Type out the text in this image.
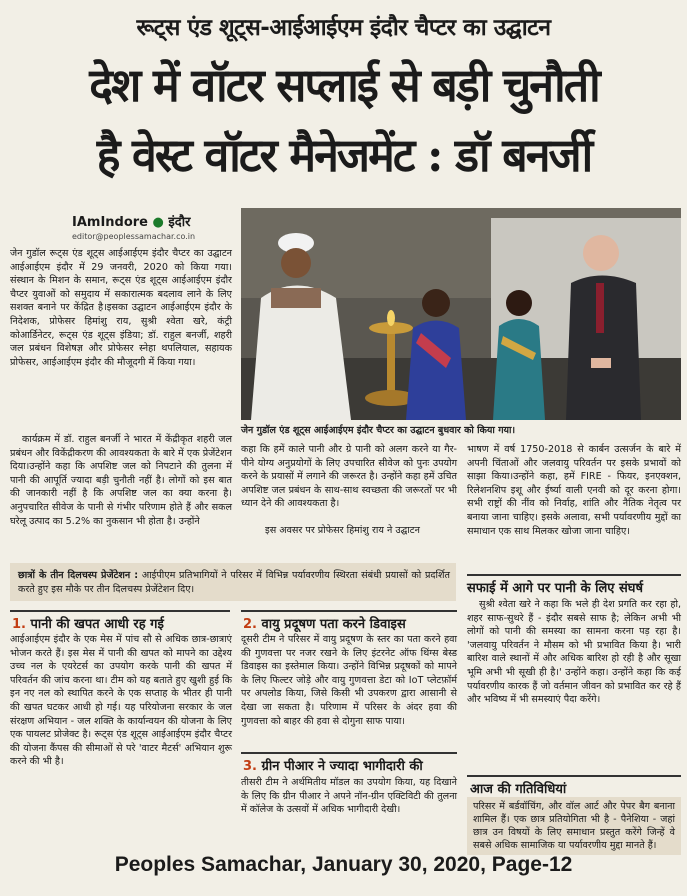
रूट्स एंड शूट्स-आईआईएम इंदौर चैप्टर का उद्घाटन
देश में वॉटर सप्लाई से बड़ी चुनौती
है वेस्ट वॉटर मैनेजमेंट : डॉ बनर्जी
IAmIndore ● इंदौर
editor@peoplessamachar.co.in
जेन गुडॉल रूट्स एंड शूट्स आईआईएम इंदौर चैप्टर का उद्घाटन आईआईएम इंदौर में 29 जनवरी, 2020 को किया गया। संस्थान के मिशन के समान, रूट्स एंड शूट्स आईआईएम इंदौर चैप्टर युवाओं को समुदाय में सकारात्मक बदलाव लाने के लिए सशक्त बनाने पर केंद्रित है।इसका उद्घाटन आईआईएम इंदौर के निदेशक, प्रोफेसर हिमांशु राय, सुश्री श्वेता खरे, कंट्री कोआर्डिनेटर, रूट्स एंड शूट्स इंडिया; डॉ. राहुल बनर्जी, शहरी जल प्रबंधन विशेषज्ञ और प्रोफेसर स्नेहा थपलियाल, सहायक प्रोफेसर, आईआईएम इंदौर की मौजूदगी में किया गया।
कार्यक्रम में डॉ. राहुल बनर्जी ने भारत में केंद्रीकृत शहरी जल प्रबंधन और विकेंद्रीकरण की आवश्यकता के बारे में एक प्रेजेंटेशन दिया।उन्होंने कहा कि अपशिष्ट जल को निपटाने की तुलना में पानी की आपूर्ति ज्यादा बड़ी चुनौती नहीं है। लोगों को इस बात की जानकारी नहीं है कि अपशिष्ट जल का क्या करना है। अनुपचारित सीवेज के पानी से गंभीर परिणाम होते हैं और सकल घरेलू उत्पाद का 5.2% का नुकसान भी होता है। उन्होंने
जेन गुडॉल एंड शूट्स आईआईएम इंदौर चैप्टर का उद्घाटन बुधवार को किया गया।
कहा कि हमें काले पानी और ग्रे पानी को अलग करने या गैर-पीने योग्य अनुप्रयोगों के लिए उपचारित सीवेज को पुनः उपयोग करने के प्रयासों में लगाने की जरूरत है। उन्होंने कहा हमें उचित अपशिष्ट जल प्रबंधन के साथ-साथ स्वच्छता की जरूरतों पर भी ध्यान देने की आवश्यकता है।
इस अवसर पर प्रोफेसर हिमांशु राय ने उद्घाटन
भाषण में वर्ष 1750-2018 से कार्बन उत्सर्जन के बारे में अपनी चिंताओं और जलवायु परिवर्तन पर इसके प्रभावों को साझा किया।उन्होंने कहा, हमें FIRE - फियर, इनएक्शन, रिलेशनशिप इशू और ईर्ष्या वाली एनवी को दूर करना होगा। सभी राष्ट्रों की नींव को निर्वाह, शांति और नैतिक नेतृत्व पर बनाया जाना चाहिए। इसके अलावा, सभी पर्यावरणीय मुद्दों का समाधान एक साथ मिलकर खोजा जाना चाहिए।
छात्रों के तीन दिलचस्प प्रेजेंटेशन : आईपीएम प्रतिभागियों ने परिसर में विभिन्न पर्यावरणीय स्थिरता संबंधी प्रयासों को प्रदर्शित करते हुए इस मौके पर तीन दिलचस्प प्रेजेंटेशन दिए।
1. पानी की खपत आधी रह गई
आईआईएम इंदौर के एक मेस में पांच सौ से अधिक छात्र-छात्राएं भोजन करते हैं। इस मेस में पानी की खपत को मापने का उद्देश्य उच्च नल के एयरेटर्स का उपयोग करके पानी की खपत में परिवर्तन की जांच करना था। टीम को यह बताते हुए खुशी हुई कि इन नए नल को स्थापित करने के एक सप्ताह के भीतर ही पानी की खपत घटकर आधी हो गई। यह परियोजना सरकार के जल संरक्षण अभियान - जल शक्ति के कार्यान्वयन की योजना के लिए एक पायलट प्रोजेक्ट है। रूट्स एंड शूट्स आईआईएम इंदौर चैप्टर की योजना कैंपस की सीमाओं से परे 'वाटर मैटर्स' अभियान शुरू करने की भी है।
2. वायु प्रदूषण पता करने डिवाइस
दूसरी टीम ने परिसर में वायु प्रदूषण के स्तर का पता करने हवा की गुणवत्ता पर नजर रखने के लिए इंटरनेट ऑफ थिंग्स बेस्ड डिवाइस का इस्तेमाल किया। उन्होंने विभिन्न प्रदूषकों को मापने के लिए फिल्टर जोड़े और वायु गुणवत्ता डेटा को IoT प्लेटफ़ॉर्म पर अपलोड किया, जिसे किसी भी उपकरण द्वारा आसानी से देखा जा सकता है। परिणाम में परिसर के अंदर हवा की गुणवत्ता को बाहर की हवा से दोगुना साफ पाया।
3. ग्रीन पीआर ने ज्यादा भागीदारी की
तीसरी टीम ने अर्थमितीय मॉडल का उपयोग किया, यह दिखाने के लिए कि ग्रीन पीआर ने अपने नॉन-ग्रीन एक्टिविटी की तुलना में कॉलेज के उत्सवों में अधिक भागीदारी देखी।
सफाई में आगे पर पानी के लिए संघर्ष
सुश्री श्वेता खरे ने कहा कि भले ही देश प्रगति कर रहा हो, शहर साफ-सुथरे हैं - इंदौर सबसे साफ है; लेकिन अभी भी लोगों को पानी की समस्या का सामना करना पड़ रहा है। 'जलवायु परिवर्तन ने मौसम को भी प्रभावित किया है। भारी बारिश वाले स्थानों में और अधिक बारिश हो रही है और सूखा भूमि अभी भी सूखी ही है।' उन्होंने कहा। उन्होंने कहा कि कई पर्यावरणीय कारक हैं जो वर्तमान जीवन को प्रभावित कर रहे हैं और भविष्य में भी समस्याएं पैदा करेंगे।
आज की गतिविधियां
परिसर में बर्डवॉचिंग, और वॉल आर्ट और पेपर बैग बनाना शामिल हैं। एक छात्र प्रतियोगिता भी है - पैनेशिया - जहां छात्र उन विषयों के लिए समाधान प्रस्तुत करेंगे जिन्हें वे सबसे अधिक सामाजिक या पर्यावरणीय मुद्दा मानते हैं।
Peoples Samachar, January 30, 2020, Page-12
